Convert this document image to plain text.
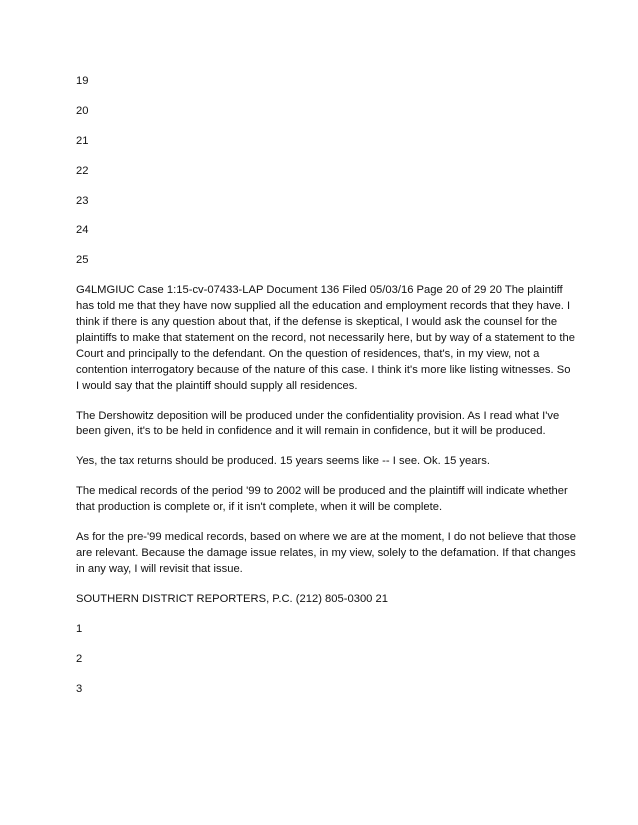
19
20
21
22
23
24
25

G4LMGIUC Case 1:15-cv-07433-LAP Document 136 Filed 05/03/16 Page 20 of 29 20 The plaintiff has told me that they have now supplied all the education and employment records that they have. I think if there is any question about that, if the defense is skeptical, I would ask the counsel for the plaintiffs to make that statement on the record, not necessarily here, but by way of a statement to the Court and principally to the defendant. On the question of residences, that's, in my view, not a contention interrogatory because of the nature of this case. I think it's more like listing witnesses. So I would say that the plaintiff should supply all residences.

The Dershowitz deposition will be produced under the confidentiality provision. As I read what I've been given, it's to be held in confidence and it will remain in confidence, but it will be produced.

Yes, the tax returns should be produced. 15 years seems like -- I see. Ok. 15 years.

The medical records of the period '99 to 2002 will be produced and the plaintiff will indicate whether that production is complete or, if it isn't complete, when it will be complete.

As for the pre-'99 medical records, based on where we are at the moment, I do not believe that those are relevant. Because the damage issue relates, in my view, solely to the defamation. If that changes in any way, I will revisit that issue.

SOUTHERN DISTRICT REPORTERS, P.C. (212) 805-0300 21

1
2
3
